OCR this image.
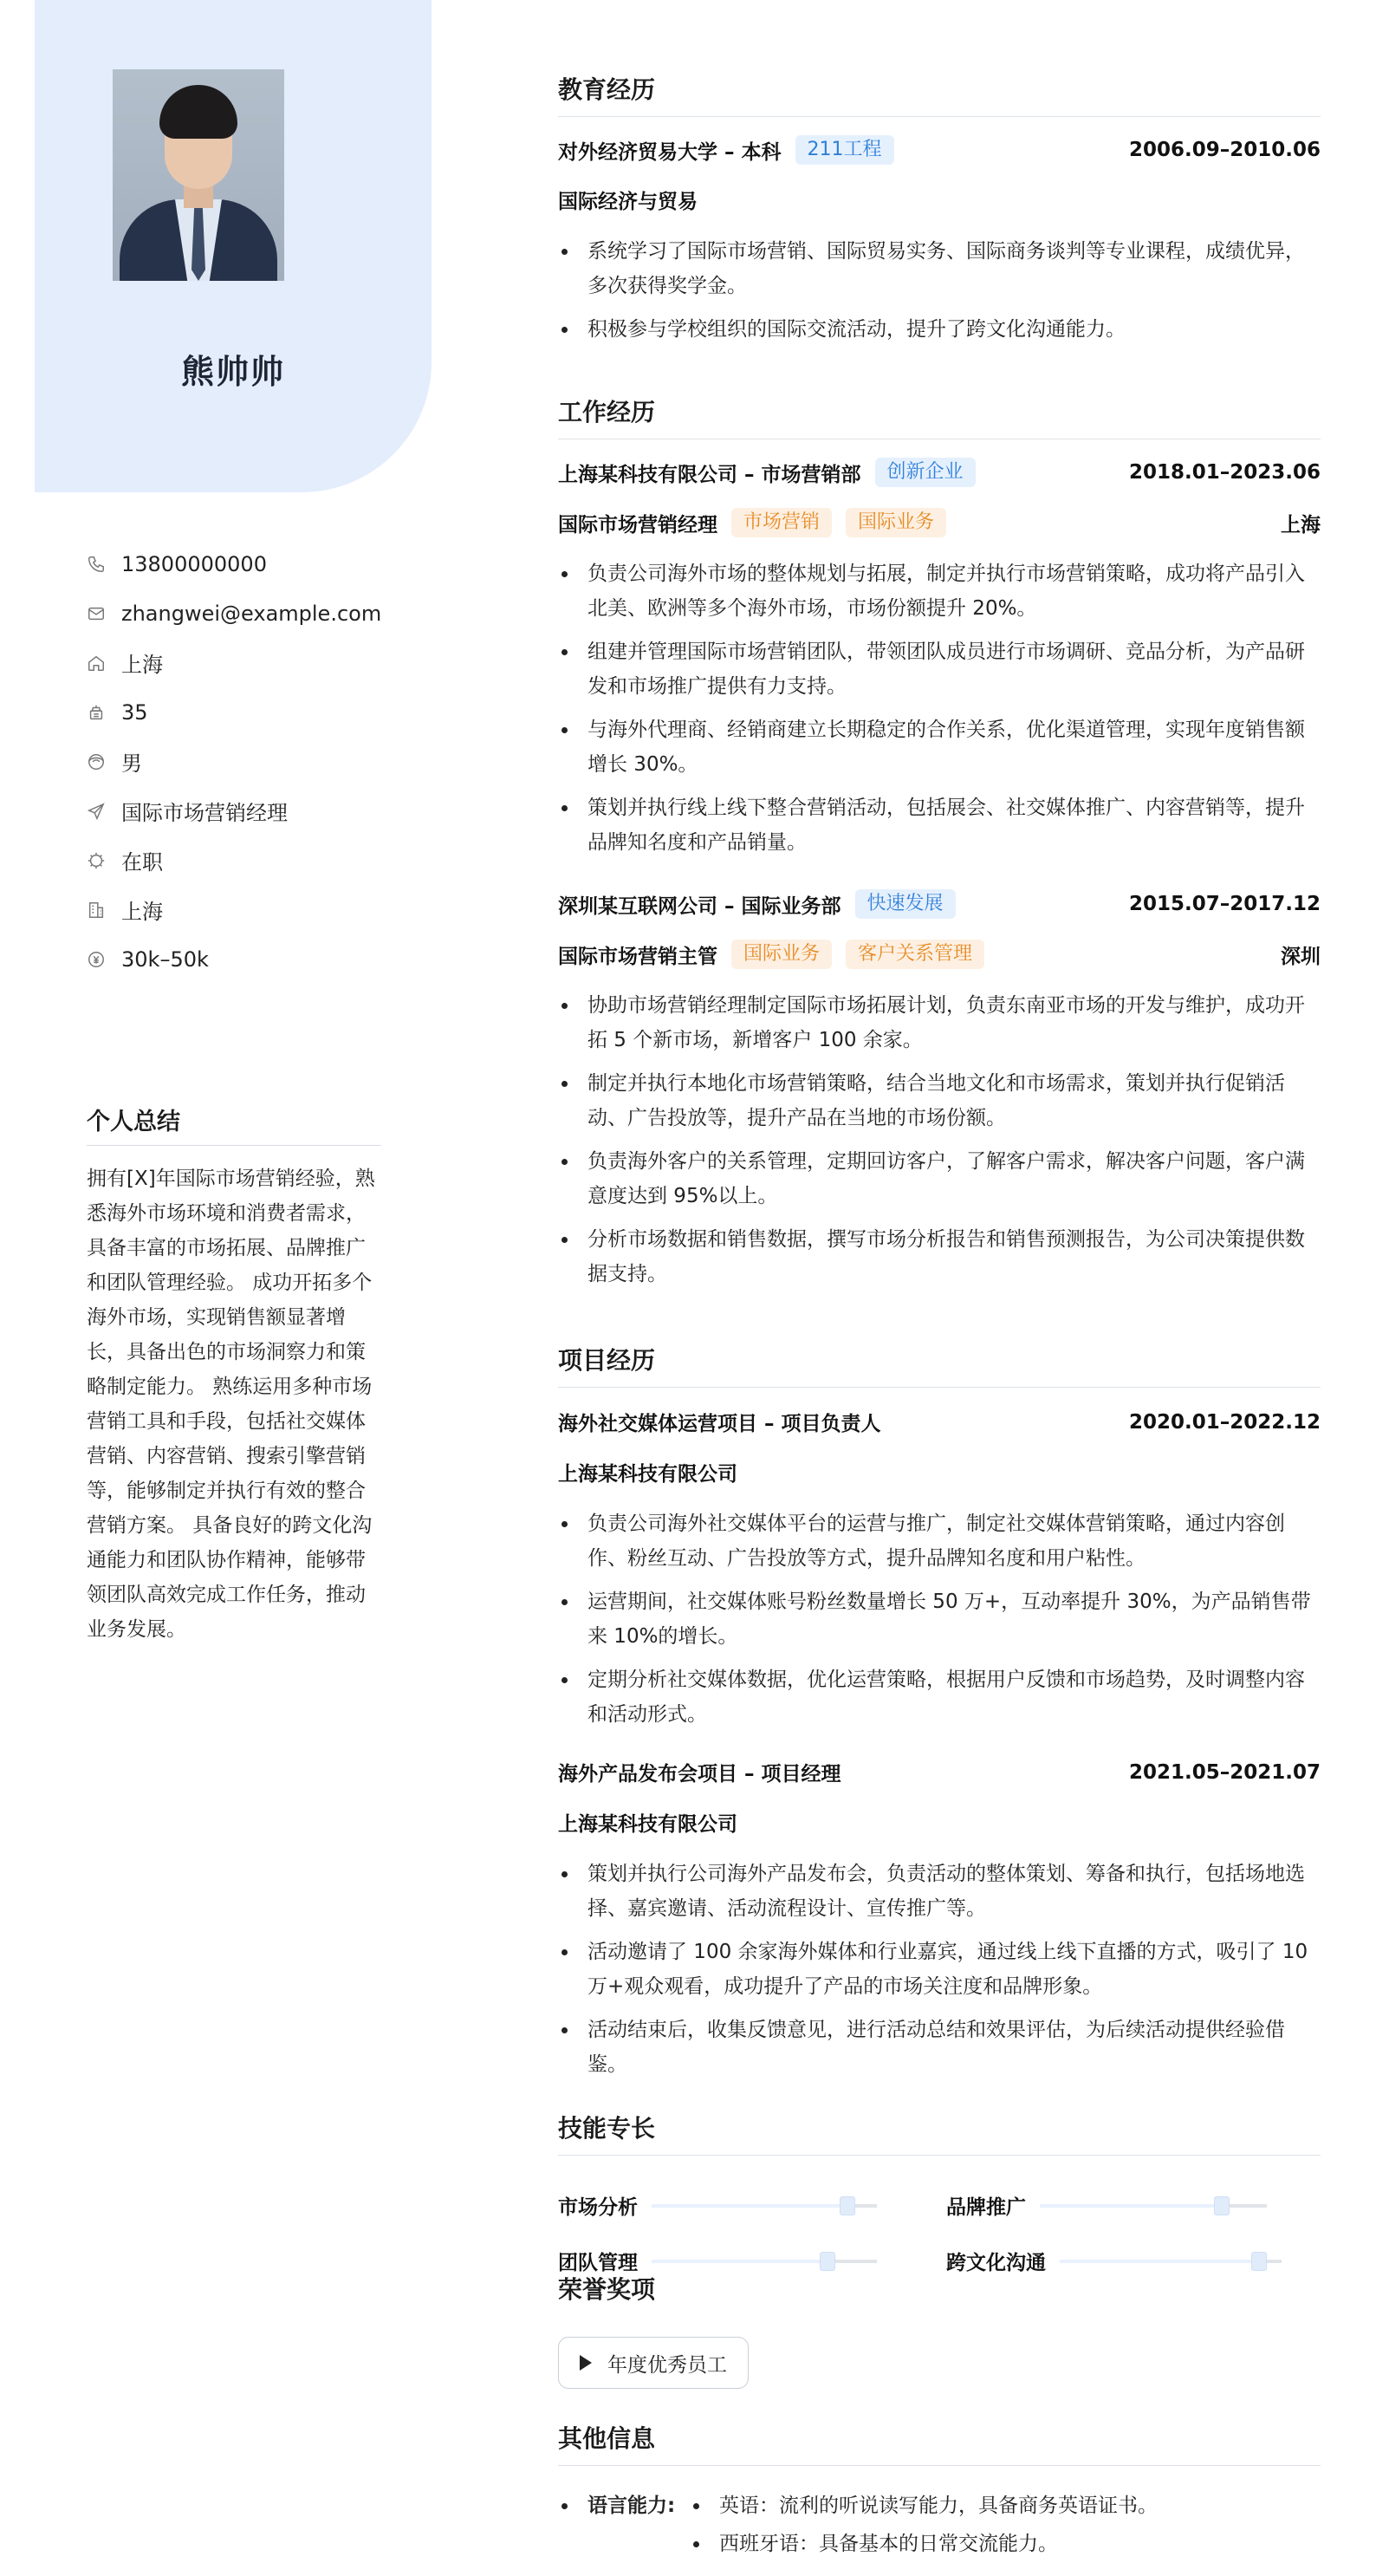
熊帅帅
13800000000
zhangwei@example.com
上海
35
男
国际市场营销经理
在职
上海
30k–50k
个人总结
拥有[X]年国际市场营销经验，熟悉海外市场环境和消费者需求，具备丰富的市场拓展、品牌推广和团队管理经验。 成功开拓多个海外市场，实现销售额显著增长，具备出色的市场洞察力和策略制定能力。 熟练运用多种市场营销工具和手段，包括社交媒体营销、内容营销、搜索引擎营销等，能够制定并执行有效的整合营销方案。 具备良好的跨文化沟通能力和团队协作精神，能够带领团队高效完成工作任务，推动业务发展。
教育经历
对外经济贸易大学 – 本科	211工程	2006.09–2010.06
国际经济与贸易
系统学习了国际市场营销、国际贸易实务、国际商务谈判等专业课程，成绩优异，多次获得奖学金。
积极参与学校组织的国际交流活动，提升了跨文化沟通能力。
工作经历
上海某科技有限公司 – 市场营销部	创新企业	2018.01–2023.06
国际市场营销经理	市场营销	国际业务	上海
负责公司海外市场的整体规划与拓展，制定并执行市场营销策略，成功将产品引入北美、欧洲等多个海外市场，市场份额提升 20%。
组建并管理国际市场营销团队，带领团队成员进行市场调研、竞品分析，为产品研发和市场推广提供有力支持。
与海外代理商、经销商建立长期稳定的合作关系，优化渠道管理，实现年度销售额增长 30%。
策划并执行线上线下整合营销活动，包括展会、社交媒体推广、内容营销等，提升品牌知名度和产品销量。
深圳某互联网公司 – 国际业务部	快速发展	2015.07–2017.12
国际市场营销主管	国际业务	客户关系管理	深圳
协助市场营销经理制定国际市场拓展计划，负责东南亚市场的开发与维护，成功开拓 5 个新市场，新增客户 100 余家。
制定并执行本地化市场营销策略，结合当地文化和市场需求，策划并执行促销活动、广告投放等，提升产品在当地的市场份额。
负责海外客户的关系管理，定期回访客户，了解客户需求，解决客户问题，客户满意度达到 95%以上。
分析市场数据和销售数据，撰写市场分析报告和销售预测报告，为公司决策提供数据支持。
项目经历
海外社交媒体运营项目 – 项目负责人	2020.01–2022.12
上海某科技有限公司
负责公司海外社交媒体平台的运营与推广，制定社交媒体营销策略，通过内容创作、粉丝互动、广告投放等方式，提升品牌知名度和用户粘性。
运营期间，社交媒体账号粉丝数量增长 50 万+，互动率提升 30%，为产品销售带来 10%的增长。
定期分析社交媒体数据，优化运营策略，根据用户反馈和市场趋势，及时调整内容和活动形式。
海外产品发布会项目 – 项目经理	2021.05–2021.07
上海某科技有限公司
策划并执行公司海外产品发布会，负责活动的整体策划、筹备和执行，包括场地选择、嘉宾邀请、活动流程设计、宣传推广等。
活动邀请了 100 余家海外媒体和行业嘉宾，通过线上线下直播的方式，吸引了 10 万+观众观看，成功提升了产品的市场关注度和品牌形象。
活动结束后，收集反馈意见，进行活动总结和效果评估，为后续活动提供经验借鉴。
技能专长
市场分析	品牌推广
团队管理	跨文化沟通
荣誉奖项
年度优秀员工
其他信息
语言能力: 英语：流利的听说读写能力，具备商务英语证书。
西班牙语：具备基本的日常交流能力。
